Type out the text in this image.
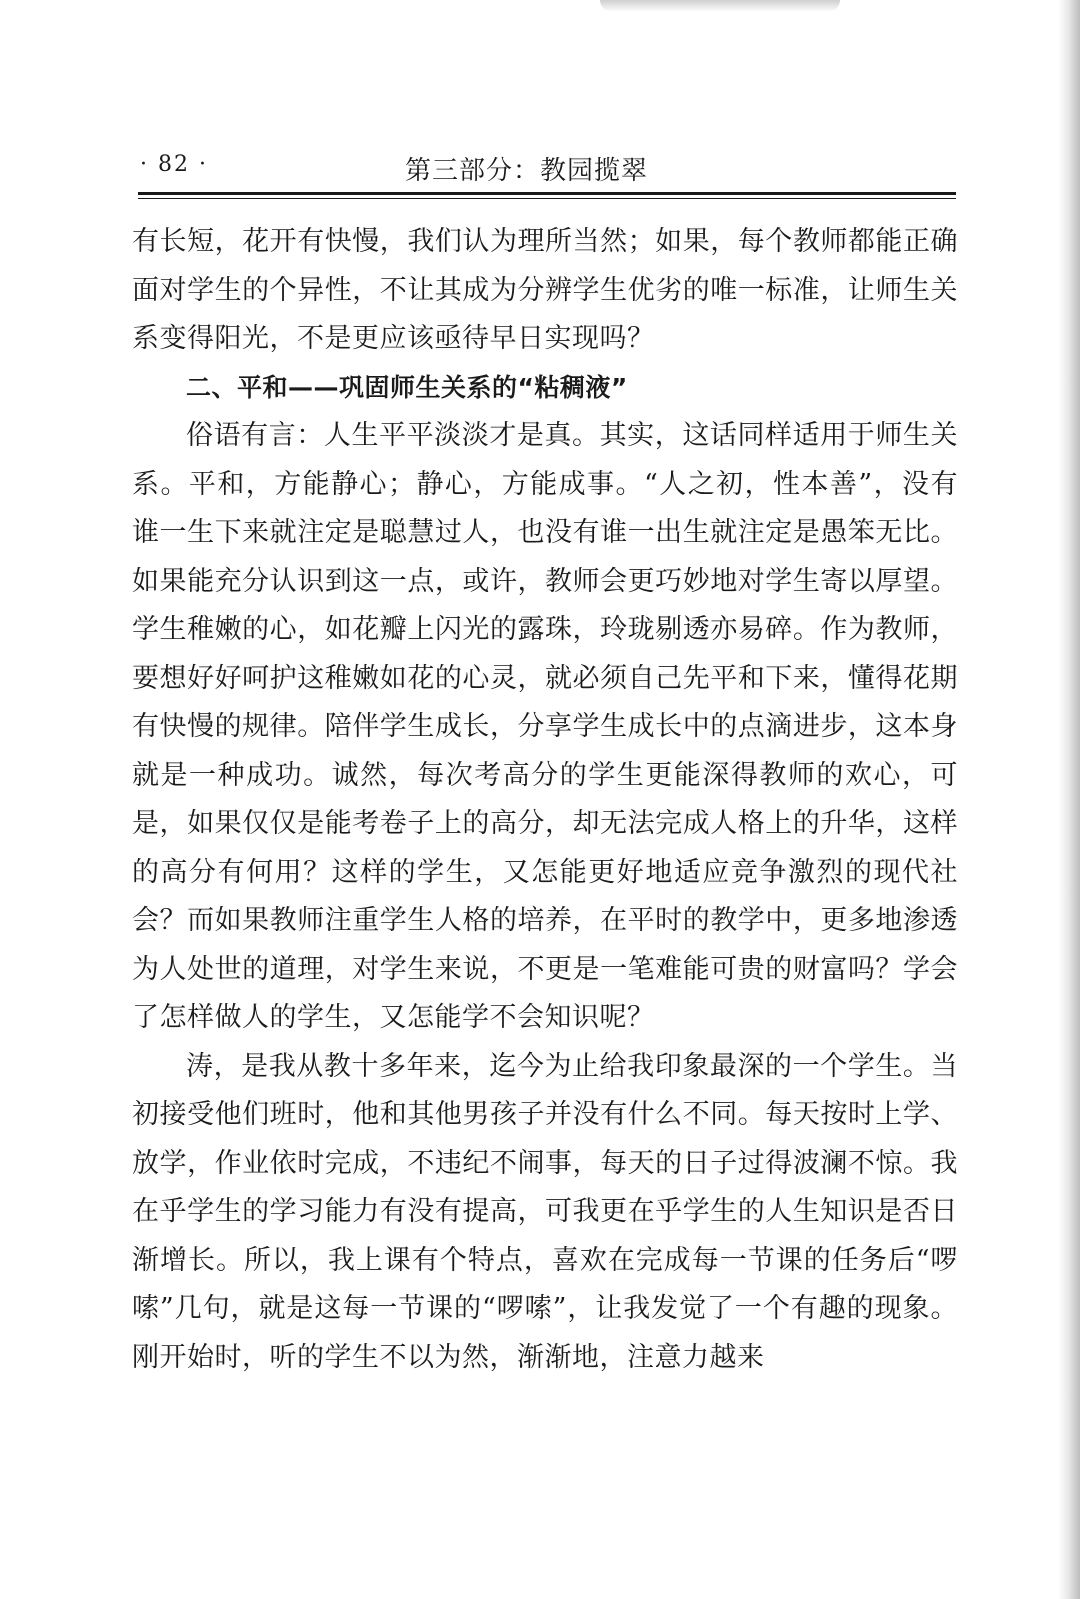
· 82 ·	第三部分：教园揽翠

有长短，花开有快慢，我们认为理所当然；如果，每个教师都能正确面对学生的个异性，不让其成为分辨学生优劣的唯一标准，让师生关系变得阳光，不是更应该亟待早日实现吗？

二、平和——巩固师生关系的“粘稠液”

俗语有言：人生平平淡淡才是真。其实，这话同样适用于师生关系。平和，方能静心；静心，方能成事。“人之初，性本善”，没有谁一生下来就注定是聪慧过人，也没有谁一出生就注定是愚笨无比。如果能充分认识到这一点，或许，教师会更巧妙地对学生寄以厚望。学生稚嫩的心，如花瓣上闪光的露珠，玲珑剔透亦易碎。作为教师，要想好好呵护这稚嫩如花的心灵，就必须自己先平和下来，懂得花期有快慢的规律。陪伴学生成长，分享学生成长中的点滴进步，这本身就是一种成功。诚然，每次考高分的学生更能深得教师的欢心，可是，如果仅仅是能考卷子上的高分，却无法完成人格上的升华，这样的高分有何用？这样的学生，又怎能更好地适应竞争激烈的现代社会？而如果教师注重学生人格的培养，在平时的教学中，更多地渗透为人处世的道理，对学生来说，不更是一笔难能可贵的财富吗？学会了怎样做人的学生，又怎能学不会知识呢？

涛，是我从教十多年来，迄今为止给我印象最深的一个学生。当初接受他们班时，他和其他男孩子并没有什么不同。每天按时上学、放学，作业依时完成，不违纪不闹事，每天的日子过得波澜不惊。我在乎学生的学习能力有没有提高，可我更在乎学生的人生知识是否日渐增长。所以，我上课有个特点，喜欢在完成每一节课的任务后“啰嗦”几句，就是这每一节课的“啰嗦”，让我发觉了一个有趣的现象。刚开始时，听的学生不以为然，渐渐地，注意力越来
